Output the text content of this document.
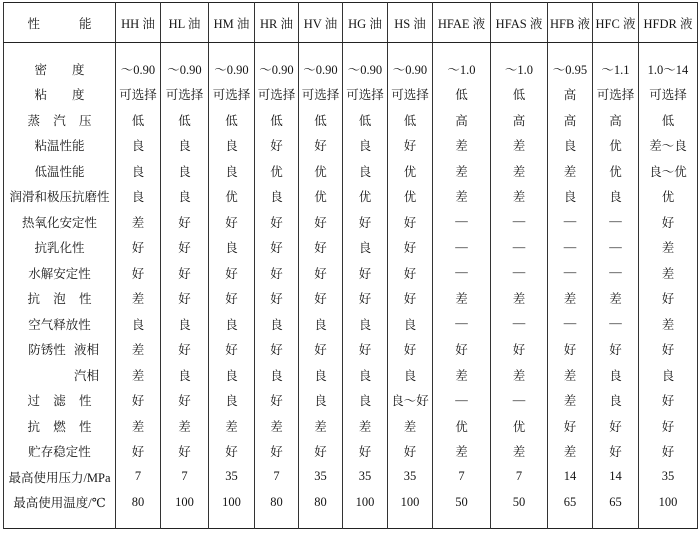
性 能	HH 油	HL 油	HM 油	HR 油	HV 油	HG 油	HS 油	HFAE 液	HFAS 液	HFB 液	HFC 液	HFDR 液

密 度	～0.90	～0.90	～0.90	～0.90	～0.90	～0.90	～0.90	～1.0	～1.0	～0.95	～1.1	1.0～14
粘 度	可选择	可选择	可选择	可选择	可选择	可选择	可选择	低	低	高	可选择	可选择
蒸 汽 压	低	低	低	低	低	低	低	高	高	高	高	低
粘温性能	良	良	良	好	好	良	好	差	差	良	优	差～良
低温性能	良	良	良	优	优	良	优	差	差	差	优	良～优
润滑和极压抗磨性	良	良	优	良	优	优	优	差	差	良	良	优
热氧化安定性	差	好	好	好	好	好	好	—	—	—	—	好
抗乳化性	好	好	良	好	好	良	好	—	—	—	—	差
水解安定性	好	好	好	好	好	好	好	—	—	—	—	差
抗 泡 性	差	好	好	好	好	好	好	差	差	差	差	好
空气释放性	良	良	良	良	良	良	良	—	—	—	—	差
防锈性 液相	差	好	好	好	好	好	好	好	好	好	好	好
汽相	差	良	良	良	良	良	良	差	差	差	良	良
过 滤 性	好	好	良	好	良	良	良～好	—	—	差	良	好
抗 燃 性	差	差	差	差	差	差	差	优	优	好	好	好
贮存稳定性	好	好	好	好	好	好	好	差	差	差	好	好
最高使用压力/MPa	7	7	35	7	35	35	35	7	7	14	14	35
最高使用温度/℃	80	100	100	80	80	100	100	50	50	65	65	100
